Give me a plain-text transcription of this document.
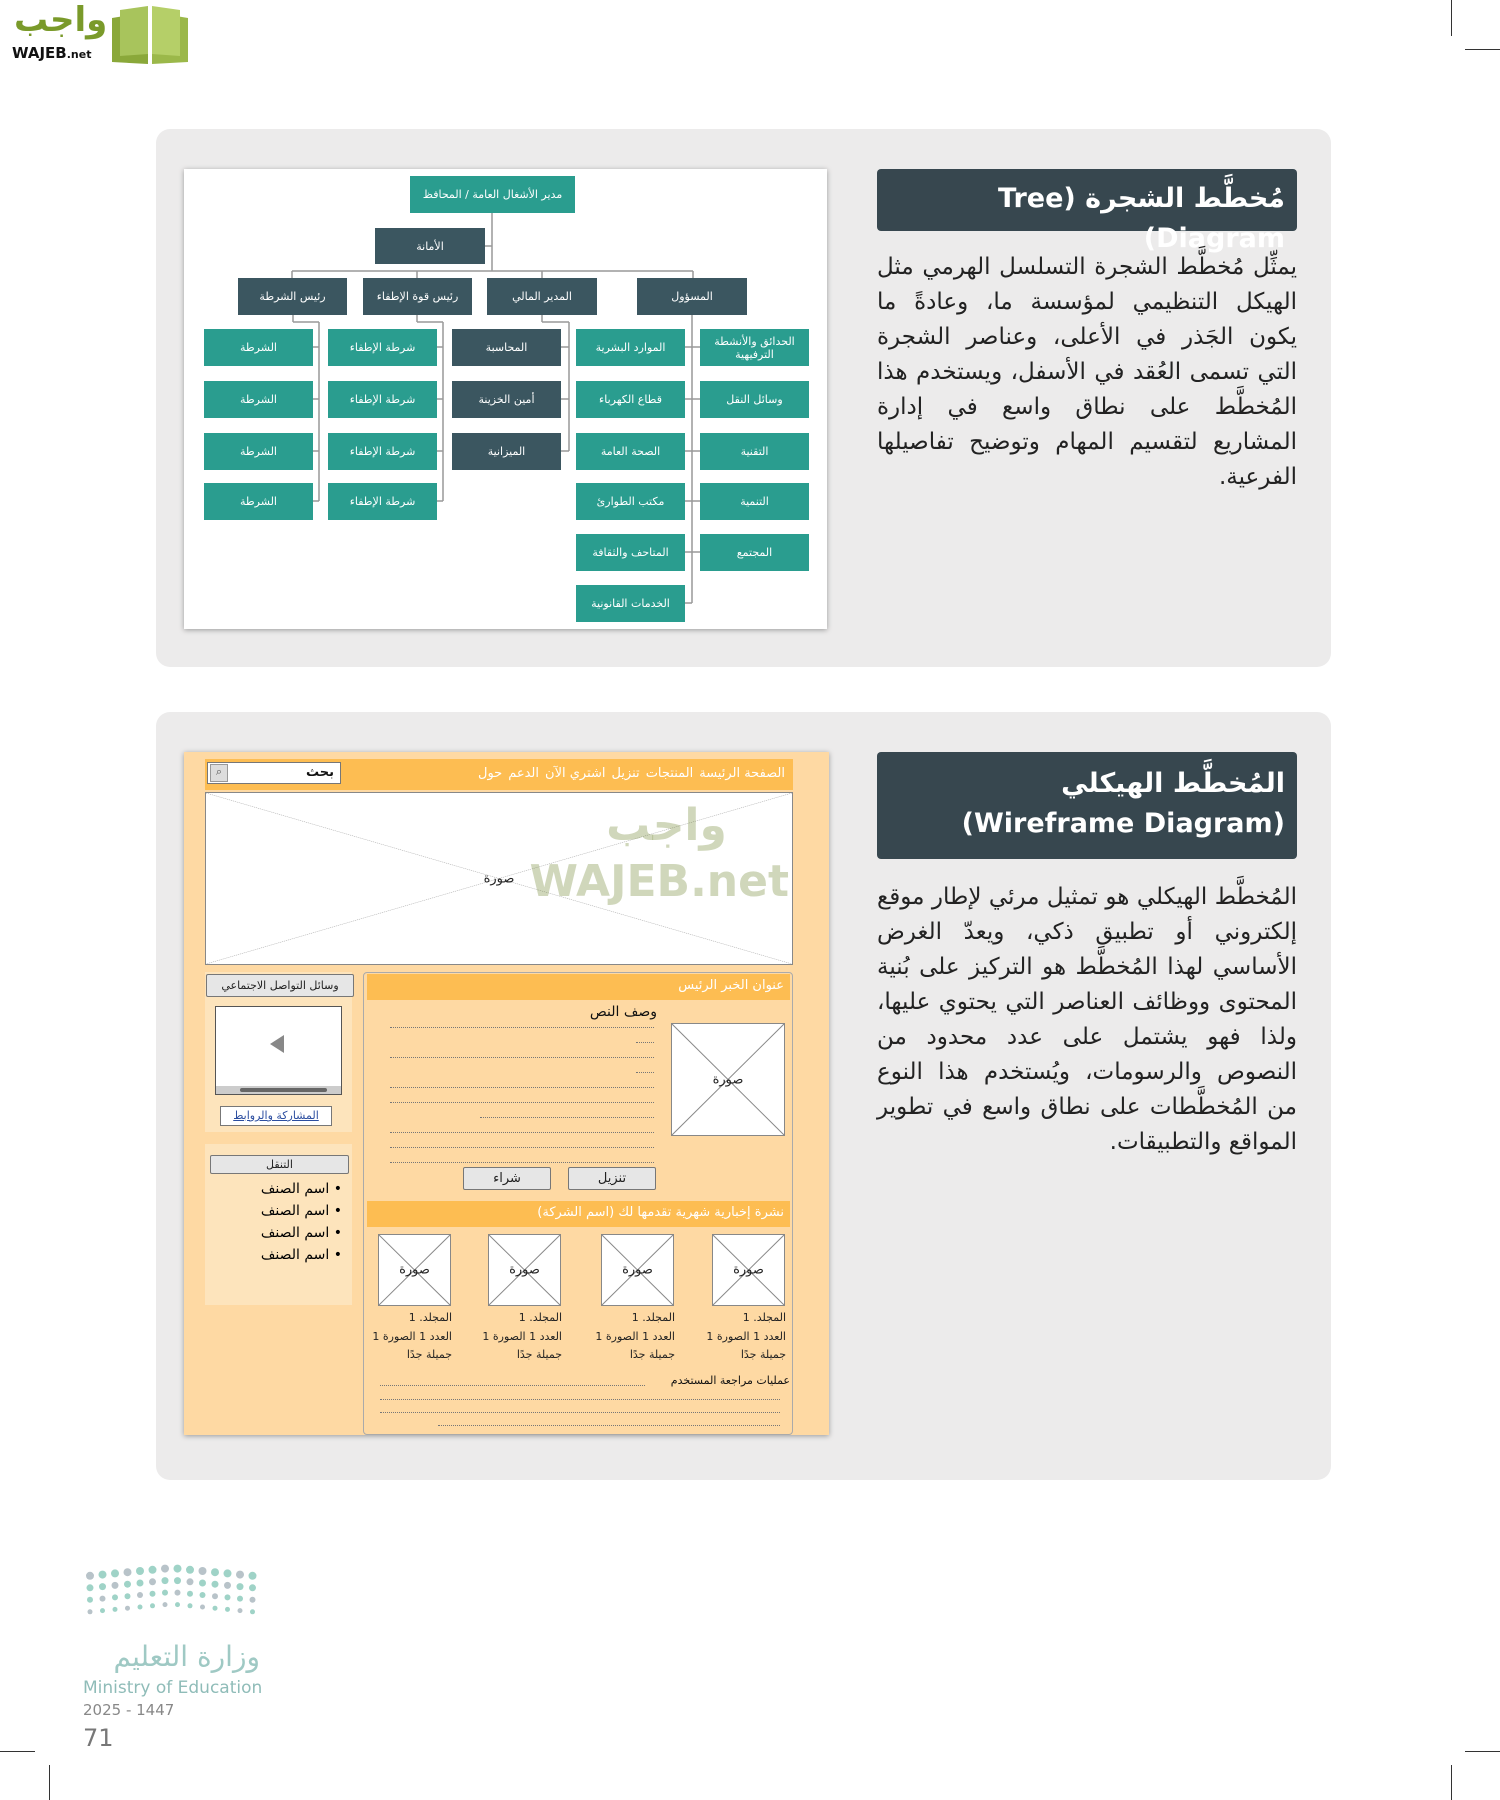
واجب
WAJEB.net
مُخطَّط الشجرة (Tree Diagram)
يمثِّل مُخطَّط الشجرة التسلسل الهرمي مثل الهيكل التنظيمي لمؤسسة ما، وعادةً ما يكون الجَذر في الأعلى، وعناصر الشجرة التي تسمى العُقد في الأسفل، ويستخدم هذا المُخطَّط على نطاق واسع في إدارة المشاريع لتقسيم المهام وتوضيح تفاصيلها الفرعية.
مدير الأشغال العامة / المحافظ
الأمانة
رئيس الشرطة	رئيس قوة الإطفاء	المدير المالي	المسؤول
الشرطة
الشرطة
الشرطة
الشرطة
شرطة الإطفاء
شرطة الإطفاء
شرطة الإطفاء
شرطة الإطفاء
المحاسبة
أمين الخزينة
الميزانية
الموارد البشرية
قطاع الكهرباء
الصحة العامة
مكتب الطوارئ
المتاحف والثقافة
الخدمات القانونية
الحدائق والأنشطة الترفيهية
وسائل النقل
التقنية
التنمية
المجتمع
المُخطَّط الهيكلي
(Wireframe Diagram)
المُخطَّط الهيكلي هو تمثيل مرئي لإطار موقع إلكتروني أو تطبيق ذكي، ويعدّ الغرض الأساسي لهذا المُخطَّط هو التركيز على بُنية المحتوى ووظائف العناصر التي يحتوي عليها، ولذا فهو يشتمل على عدد محدود من النصوص والرسومات، ويُستخدم هذا النوع من المُخطَّطات على نطاق واسع في تطوير المواقع والتطبيقات.
الصفحة الرئيسة
المنتجات
تنزيل
اشتري الآن
الدعم
حول
بحث
⌕
صورة
وسائل التواصل الاجتماعي
المشاركة والروابط
التنقل
• اسم الصنف
• اسم الصنف
• اسم الصنف
• اسم الصنف
عنوان الخبر الرئيس
وصف النص
صورة
شراء	تنزيل
نشرة إخبارية شهرية تقدمها لك (اسم الشركة)
عمليات مراجعة المستخدم
واجب WAJEB.net
صورة
المجلد. 1
العدد 1 الصورة 1
جميلة جدًا
صورة
المجلد. 1
العدد 1 الصورة 1
جميلة جدًا
صورة
المجلد. 1
العدد 1 الصورة 1
جميلة جدًا
صورة
المجلد. 1
العدد 1 الصورة 1
جميلة جدًا
وزارة التعليم
Ministry of Education
2025 - 1447
71
